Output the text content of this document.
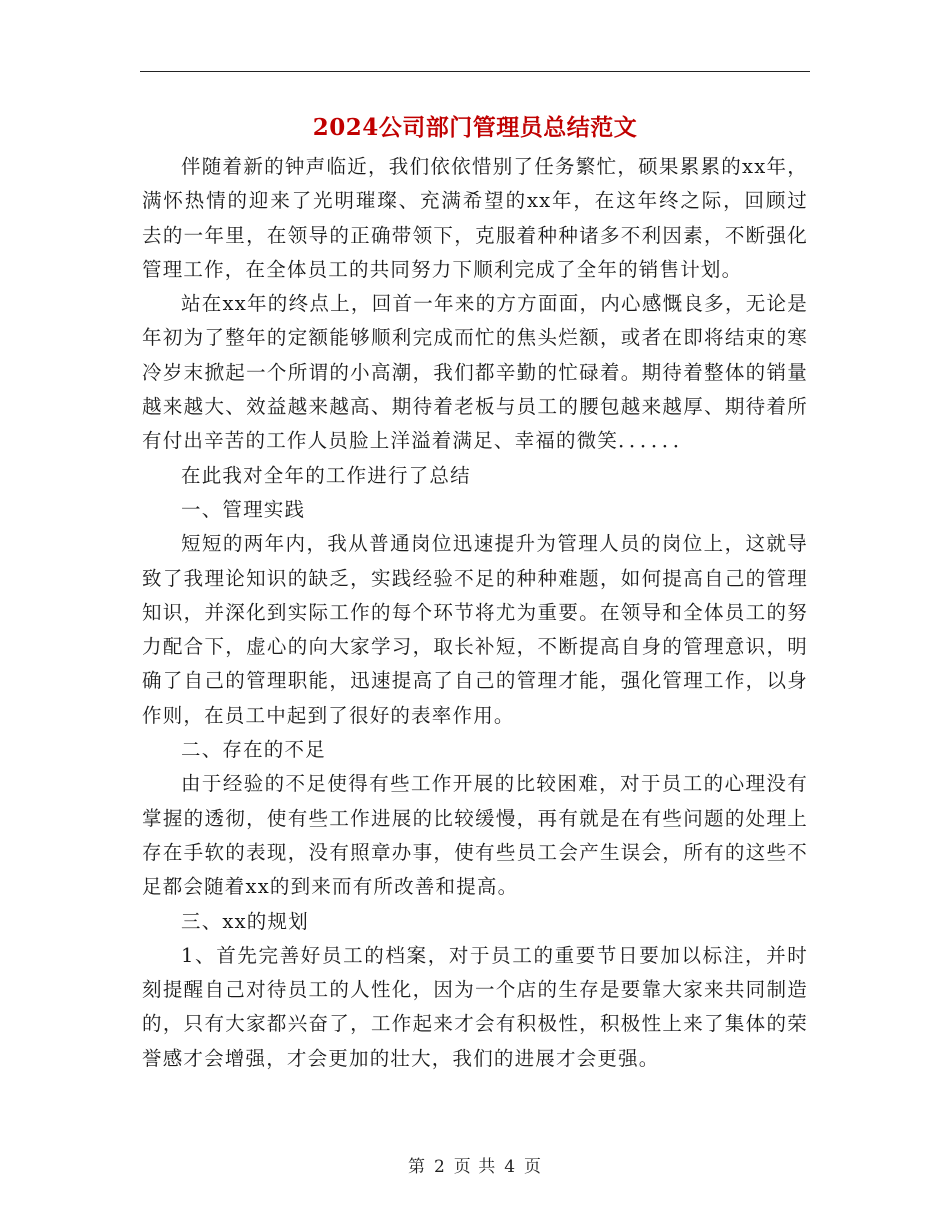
2024公司部门管理员总结范文

伴随着新的钟声临近，我们依依惜别了任务繁忙，硕果累累的xx年，满怀热情的迎来了光明璀璨、充满希望的xx年，在这年终之际，回顾过去的一年里，在领导的正确带领下，克服着种种诸多不利因素，不断强化管理工作，在全体员工的共同努力下顺利完成了全年的销售计划。

站在xx年的终点上，回首一年来的方方面面，内心感慨良多，无论是年初为了整年的定额能够顺利完成而忙的焦头烂额，或者在即将结束的寒冷岁末掀起一个所谓的小高潮，我们都辛勤的忙碌着。期待着整体的销量越来越大、效益越来越高、期待着老板与员工的腰包越来越厚、期待着所有付出辛苦的工作人员脸上洋溢着满足、幸福的微笑．．．．．．

在此我对全年的工作进行了总结

一、管理实践

短短的两年内，我从普通岗位迅速提升为管理人员的岗位上，这就导致了我理论知识的缺乏，实践经验不足的种种难题，如何提高自己的管理知识，并深化到实际工作的每个环节将尤为重要。在领导和全体员工的努力配合下，虚心的向大家学习，取长补短，不断提高自身的管理意识，明确了自己的管理职能，迅速提高了自己的管理才能，强化管理工作，以身作则，在员工中起到了很好的表率作用。

二、存在的不足

由于经验的不足使得有些工作开展的比较困难，对于员工的心理没有掌握的透彻，使有些工作进展的比较缓慢，再有就是在有些问题的处理上存在手软的表现，没有照章办事，使有些员工会产生误会，所有的这些不足都会随着xx的到来而有所改善和提高。

三、xx的规划

1、首先完善好员工的档案，对于员工的重要节日要加以标注，并时刻提醒自己对待员工的人性化，因为一个店的生存是要靠大家来共同制造的，只有大家都兴奋了，工作起来才会有积极性，积极性上来了集体的荣誉感才会增强，才会更加的壮大，我们的进展才会更强。

第 2 页 共 4 页
